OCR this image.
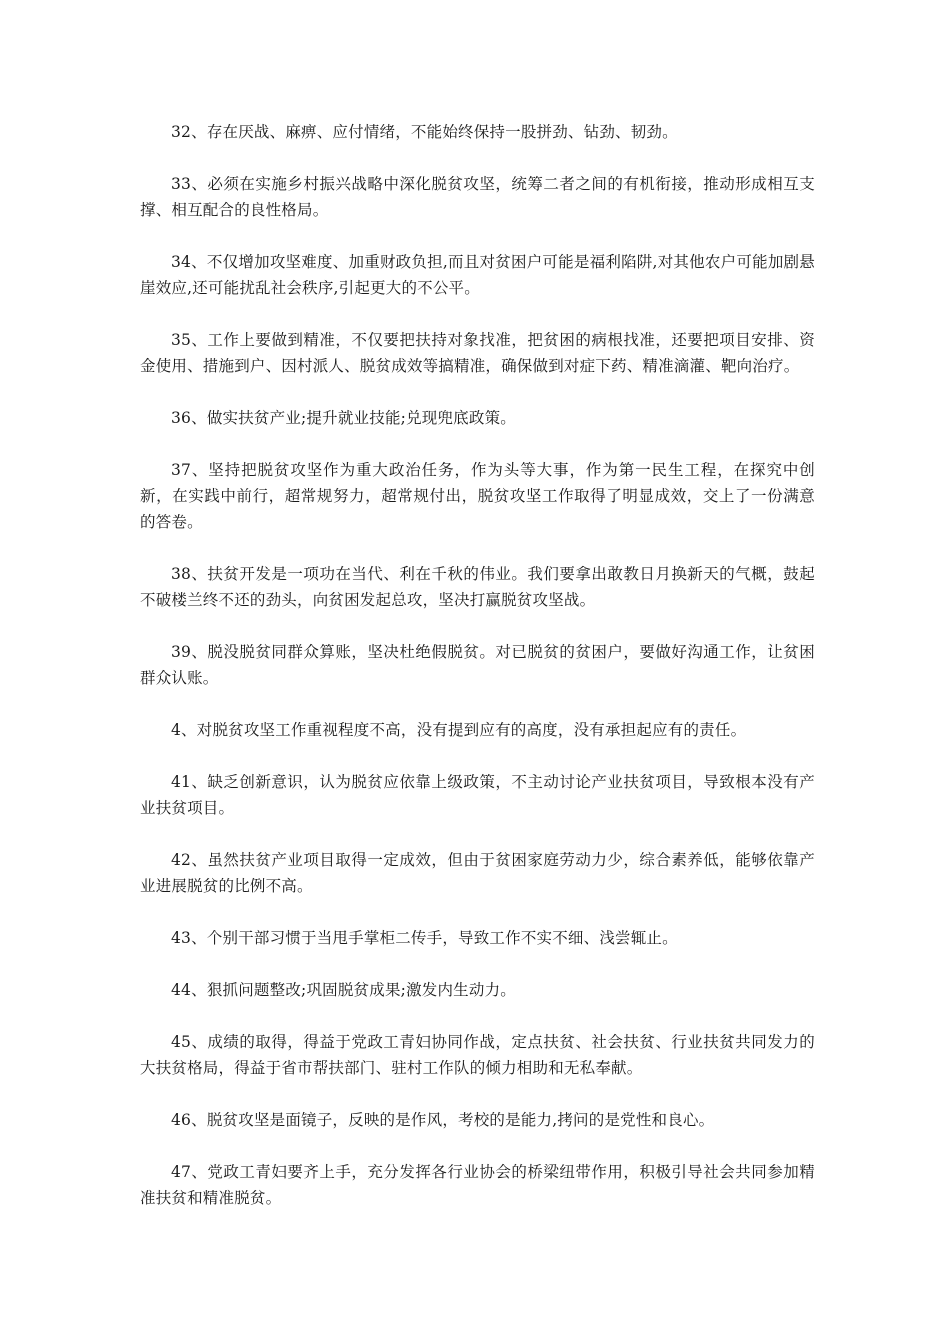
32、存在厌战、麻痹、应付情绪，不能始终保持一股拼劲、钻劲、韧劲。

33、必须在实施乡村振兴战略中深化脱贫攻坚，统筹二者之间的有机衔接，推动形成相互支撑、相互配合的良性格局。

34、不仅增加攻坚难度、加重财政负担,而且对贫困户可能是福利陷阱,对其他农户可能加剧悬崖效应,还可能扰乱社会秩序,引起更大的不公平。

35、工作上要做到精准，不仅要把扶持对象找准，把贫困的病根找准，还要把项目安排、资金使用、措施到户、因村派人、脱贫成效等搞精准，确保做到对症下药、精准滴灌、靶向治疗。

36、做实扶贫产业;提升就业技能;兑现兜底政策。

37、坚持把脱贫攻坚作为重大政治任务，作为头等大事，作为第一民生工程，在探究中创新，在实践中前行，超常规努力，超常规付出，脱贫攻坚工作取得了明显成效，交上了一份满意的答卷。

38、扶贫开发是一项功在当代、利在千秋的伟业。我们要拿出敢教日月换新天的气概，鼓起不破楼兰终不还的劲头，向贫困发起总攻，坚决打赢脱贫攻坚战。

39、脱没脱贫同群众算账，坚决杜绝假脱贫。对已脱贫的贫困户，要做好沟通工作，让贫困群众认账。

4、对脱贫攻坚工作重视程度不高，没有提到应有的高度，没有承担起应有的责任。

41、缺乏创新意识，认为脱贫应依靠上级政策，不主动讨论产业扶贫项目，导致根本没有产业扶贫项目。

42、虽然扶贫产业项目取得一定成效，但由于贫困家庭劳动力少，综合素养低，能够依靠产业进展脱贫的比例不高。

43、个别干部习惯于当甩手掌柜二传手，导致工作不实不细、浅尝辄止。

44、狠抓问题整改;巩固脱贫成果;激发内生动力。

45、成绩的取得，得益于党政工青妇协同作战，定点扶贫、社会扶贫、行业扶贫共同发力的大扶贫格局，得益于省市帮扶部门、驻村工作队的倾力相助和无私奉献。

46、脱贫攻坚是面镜子，反映的是作风，考校的是能力,拷问的是党性和良心。

47、党政工青妇要齐上手，充分发挥各行业协会的桥梁纽带作用，积极引导社会共同参加精准扶贫和精准脱贫。
